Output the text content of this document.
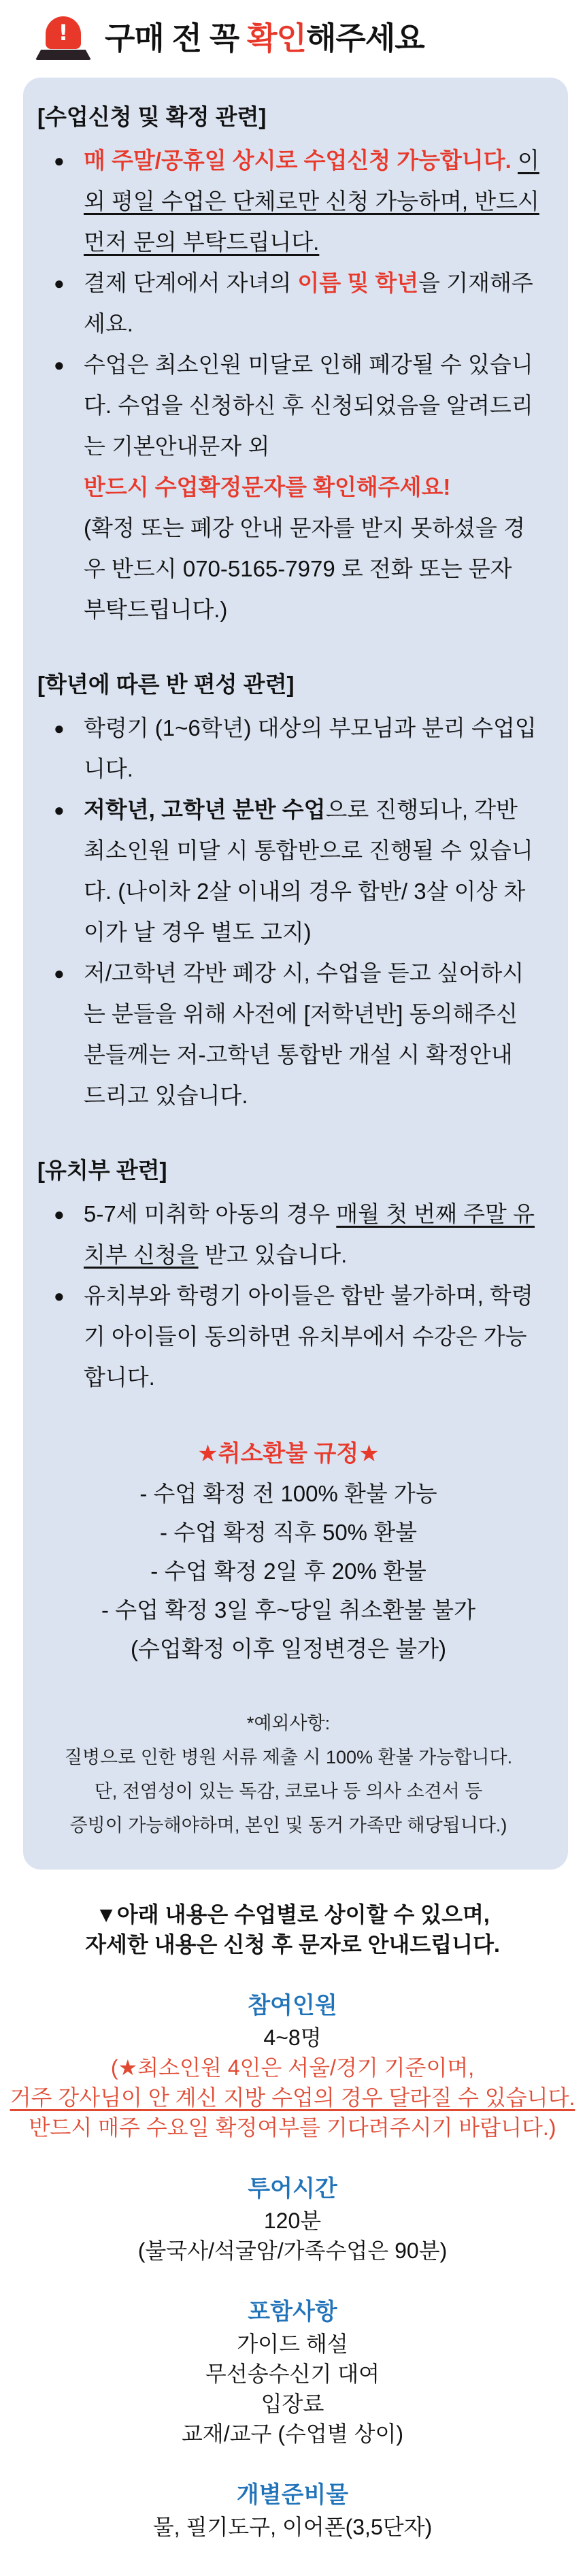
! 구매 전 꼭 확인해주세요
[수업신청 및 확정 관련]
● 매 주말/공휴일 상시로 수업신청 가능합니다. 이 외 평일 수업은 단체로만 신청 가능하며, 반드시 먼저 문의 부탁드립니다.
● 결제 단계에서 자녀의 이름 및 학년을 기재해주세요.
● 수업은 최소인원 미달로 인해 폐강될 수 있습니다. 수업을 신청하신 후 신청되었음을 알려드리는 기본안내문자 외
반드시 수업확정문자를 확인해주세요!
(확정 또는 폐강 안내 문자를 받지 못하셨을 경우 반드시 070-5165-7979 로 전화 또는 문자 부탁드립니다.)
[학년에 따른 반 편성 관련]
● 학령기 (1~6학년) 대상의 부모님과 분리 수업입니다.
● 저학년, 고학년 분반 수업으로 진행되나, 각반 최소인원 미달 시 통합반으로 진행될 수 있습니다. (나이차 2살 이내의 경우 합반/ 3살 이상 차이가 날 경우 별도 고지)
● 저/고학년 각반 폐강 시, 수업을 듣고 싶어하시는 분들을 위해 사전에 [저학년반] 동의해주신 분들께는 저-고학년 통합반 개설 시 확정안내 드리고 있습니다.
[유치부 관련]
● 5-7세 미취학 아동의 경우 매월 첫 번째 주말 유치부 신청을 받고 있습니다.
● 유치부와 학령기 아이들은 합반 불가하며, 학령기 아이들이 동의하면 유치부에서 수강은 가능합니다.
★취소환불 규정★
- 수업 확정 전 100% 환불 가능
- 수업 확정 직후 50% 환불
- 수업 확정 2일 후 20% 환불
- 수업 확정 3일 후~당일 취소환불 불가
(수업확정 이후 일정변경은 불가)
*예외사항:
질병으로 인한 병원 서류 제출 시 100% 환불 가능합니다.
단, 전염성이 있는 독감, 코로나 등 의사 소견서 등
증빙이 가능해야하며, 본인 및 동거 가족만 해당됩니다.)
▼아래 내용은 수업별로 상이할 수 있으며,
자세한 내용은 신청 후 문자로 안내드립니다.
참여인원
4~8명
(★최소인원 4인은 서울/경기 기준이며,
거주 강사님이 안 계신 지방 수업의 경우 달라질 수 있습니다.
반드시 매주 수요일 확정여부를 기다려주시기 바랍니다.)
투어시간
120분
(불국사/석굴암/가족수업은 90분)
포함사항
가이드 해설
무선송수신기 대여
입장료
교재/교구 (수업별 상이)
개별준비물
물, 필기도구, 이어폰(3,5단자)
